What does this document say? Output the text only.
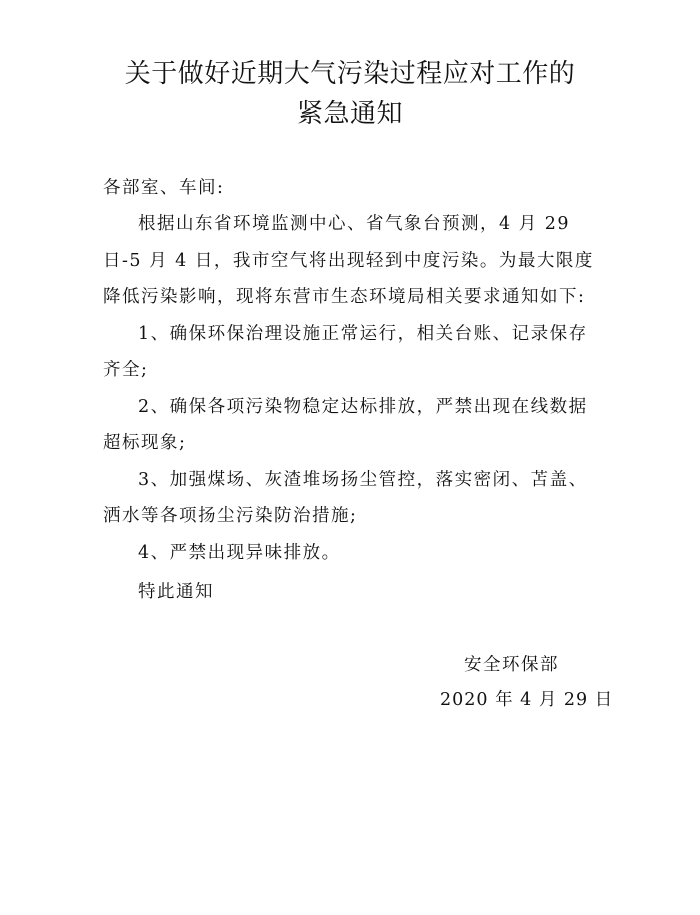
关于做好近期大气污染过程应对工作的
紧急通知
各部室、车间:

根据山东省环境监测中心、省气象台预测，4 月 29 日-5 月 4 日，我市空气将出现轻到中度污染。为最大限度降低污染影响，现将东营市生态环境局相关要求通知如下:

1、确保环保治理设施正常运行，相关台账、记录保存齐全;

2、确保各项污染物稳定达标排放，严禁出现在线数据超标现象;

3、加强煤场、灰渣堆场扬尘管控，落实密闭、苫盖、洒水等各项扬尘污染防治措施;

4、严禁出现异味排放。

特此通知

安全环保部
2020 年 4 月 29 日
